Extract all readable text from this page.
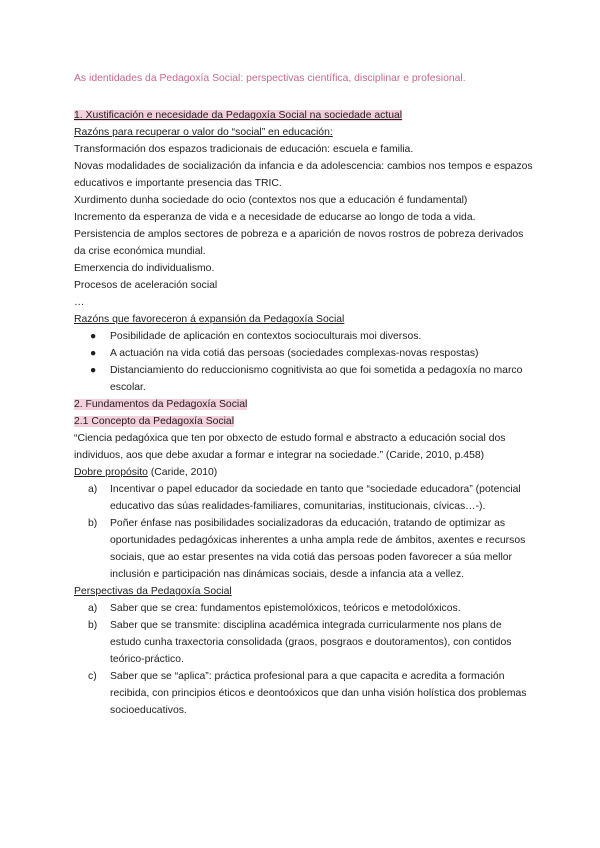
As identidades da Pedagoxía Social: perspectivas científica, disciplinar e profesional.
1. Xustificación e necesidade da Pedagoxía Social na sociedade actual
Razóns para recuperar o valor do “social” en educación:
Transformación dos espazos tradicionais de educación: escuela e familia.
Novas modalidades de socialización da infancia e da adolescencia: cambios nos tempos e espazos educativos e importante presencia das TRIC.
Xurdimento dunha sociedade do ocio (contextos nos que a educación é fundamental)
Incremento da esperanza de vida e a necesidade de educarse ao longo de toda a vida.
Persistencia de amplos sectores de pobreza e a aparición de novos rostros de pobreza derivados da crise económica mundial.
Emerxencia do individualismo.
Procesos de aceleración social
…
Razóns que favoreceron á expansión da Pedagoxía Social
● Posibilidade de aplicación en contextos socioculturais moi diversos.
● A actuación na vida cotiá das persoas (sociedades complexas-novas respostas)
● Distanciamiento do reduccionismo cognitivista ao que foi sometida a pedagoxía no marco escolar.
2. Fundamentos da Pedagoxía Social
2.1 Concepto da Pedagoxía Social
“Ciencia pedagóxica que ten por obxecto de estudo formal e abstracto a educación social dos individuos, aos que debe axudar a formar e integrar na sociedade.” (Caride, 2010, p.458)
Dobre propósito (Caride, 2010)
a) Incentivar o papel educador da sociedade en tanto que “sociedade educadora” (potencial educativo das súas realidades-familiares, comunitarias, institucionais, cívicas…-).
b) Poñer énfase nas posibilidades socializadoras da educación, tratando de optimizar as oportunidades pedagóxicas inherentes a unha ampla rede de ámbitos, axentes e recursos sociais, que ao estar presentes na vida cotiá das persoas poden favorecer a súa mellor inclusión e participación nas dinámicas sociais, desde a infancia ata a vellez.
Perspectivas da Pedagoxía Social
a) Saber que se crea: fundamentos epistemolóxicos, teóricos e metodolóxicos.
b) Saber que se transmite: disciplina académica integrada curricularmente nos plans de estudo cunha traxectoria consolidada (graos, posgraos e doutoramentos), con contidos teórico-práctico.
c) Saber que se “aplica”: práctica profesional para a que capacita e acredita a formación recibida, con principios éticos e deontoóxicos que dan unha visión holística dos problemas socioeducativos.
